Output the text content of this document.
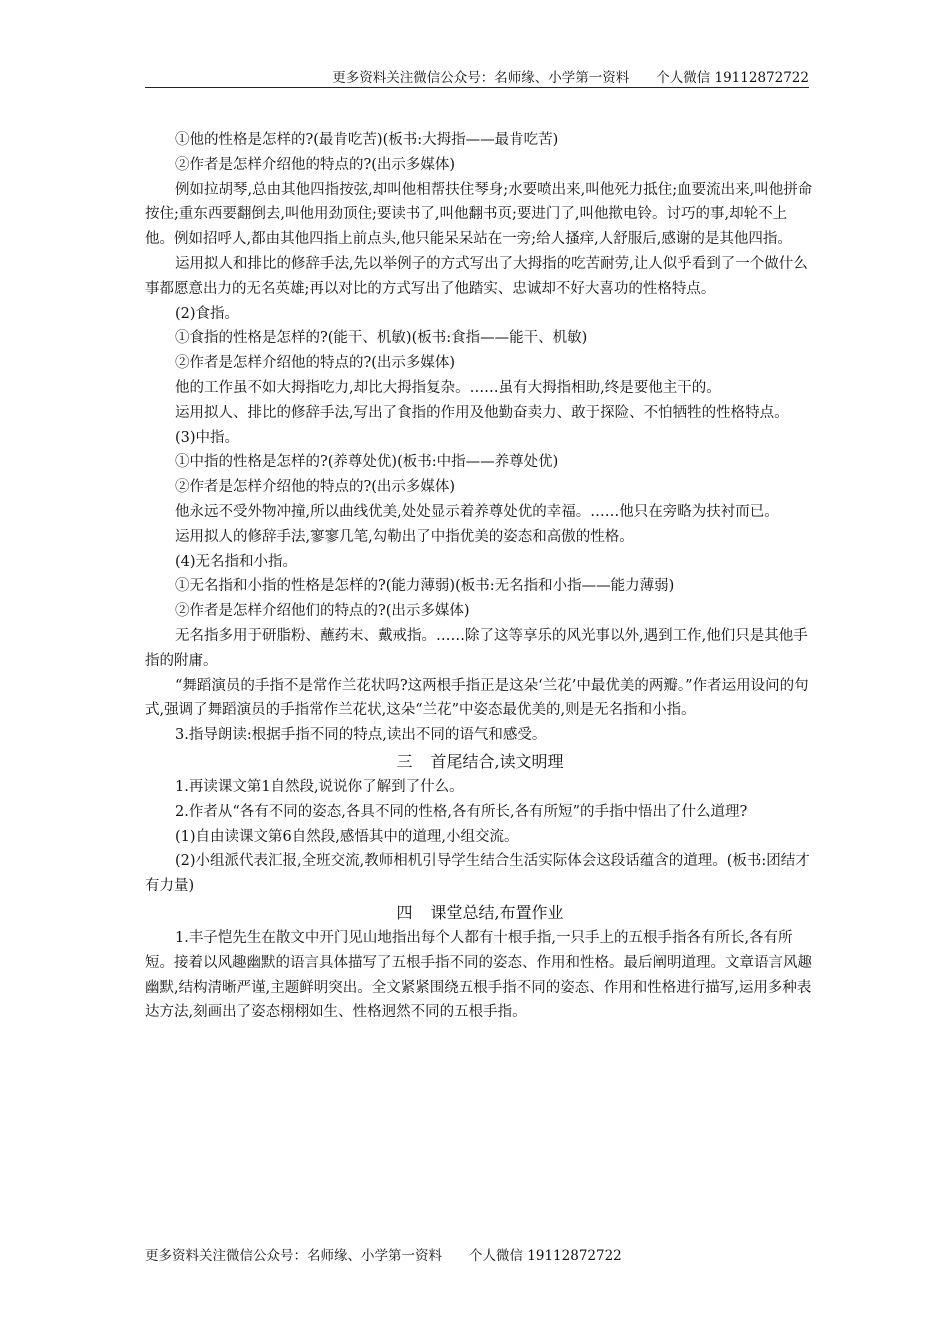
更多资料关注微信公众号：名师缘、小学第一资料　　个人微信 19112872722

①他的性格是怎样的?(最肯吃苦)(板书:大拇指——最肯吃苦)

②作者是怎样介绍他的特点的?(出示多媒体)

例如拉胡琴,总由其他四指按弦,却叫他相帮扶住琴身;水要喷出来,叫他死力抵住;血要流出来,叫他拼命按住;重东西要翻倒去,叫他用劲顶住;要读书了,叫他翻书页;要进门了,叫他揿电铃。讨巧的事,却轮不上他。例如招呼人,都由其他四指上前点头,他只能呆呆站在一旁;给人搔痒,人舒服后,感谢的是其他四指。

运用拟人和排比的修辞手法,先以举例子的方式写出了大拇指的吃苦耐劳,让人似乎看到了一个做什么事都愿意出力的无名英雄;再以对比的方式写出了他踏实、忠诚却不好大喜功的性格特点。

(2)食指。

①食指的性格是怎样的?(能干、机敏)(板书:食指——能干、机敏)

②作者是怎样介绍他的特点的?(出示多媒体)

他的工作虽不如大拇指吃力,却比大拇指复杂。……虽有大拇指相助,终是要他主干的。

运用拟人、排比的修辞手法,写出了食指的作用及他勤奋卖力、敢于探险、不怕牺牲的性格特点。

(3)中指。

①中指的性格是怎样的?(养尊处优)(板书:中指——养尊处优)

②作者是怎样介绍他的特点的?(出示多媒体)

他永远不受外物冲撞,所以曲线优美,处处显示着养尊处优的幸福。……他只在旁略为扶衬而已。

运用拟人的修辞手法,寥寥几笔,勾勒出了中指优美的姿态和高傲的性格。

(4)无名指和小指。

①无名指和小指的性格是怎样的?(能力薄弱)(板书:无名指和小指——能力薄弱)

②作者是怎样介绍他们的特点的?(出示多媒体)

无名指多用于研脂粉、蘸药末、戴戒指。……除了这等享乐的风光事以外,遇到工作,他们只是其他手指的附庸。

“舞蹈演员的手指不是常作兰花状吗?这两根手指正是这朵‘兰花’中最优美的两瓣。”作者运用设问的句式,强调了舞蹈演员的手指常作兰花状,这朵“兰花”中姿态最优美的,则是无名指和小指。

3.指导朗读:根据手指不同的特点,读出不同的语气和感受。

三 首尾结合,读文明理

1.再读课文第1自然段,说说你了解到了什么。

2.作者从“各有不同的姿态,各具不同的性格,各有所长,各有所短”的手指中悟出了什么道理?

(1)自由读课文第6自然段,感悟其中的道理,小组交流。

(2)小组派代表汇报,全班交流,教师相机引导学生结合生活实际体会这段话蕴含的道理。(板书:团结才有力量)

四 课堂总结,布置作业

1.丰子恺先生在散文中开门见山地指出每个人都有十根手指,一只手上的五根手指各有所长,各有所短。接着以风趣幽默的语言具体描写了五根手指不同的姿态、作用和性格。最后阐明道理。文章语言风趣幽默,结构清晰严谨,主题鲜明突出。全文紧紧围绕五根手指不同的姿态、作用和性格进行描写,运用多种表达方法,刻画出了姿态栩栩如生、性格迥然不同的五根手指。

更多资料关注微信公众号：名师缘、小学第一资料　　个人微信 19112872722
